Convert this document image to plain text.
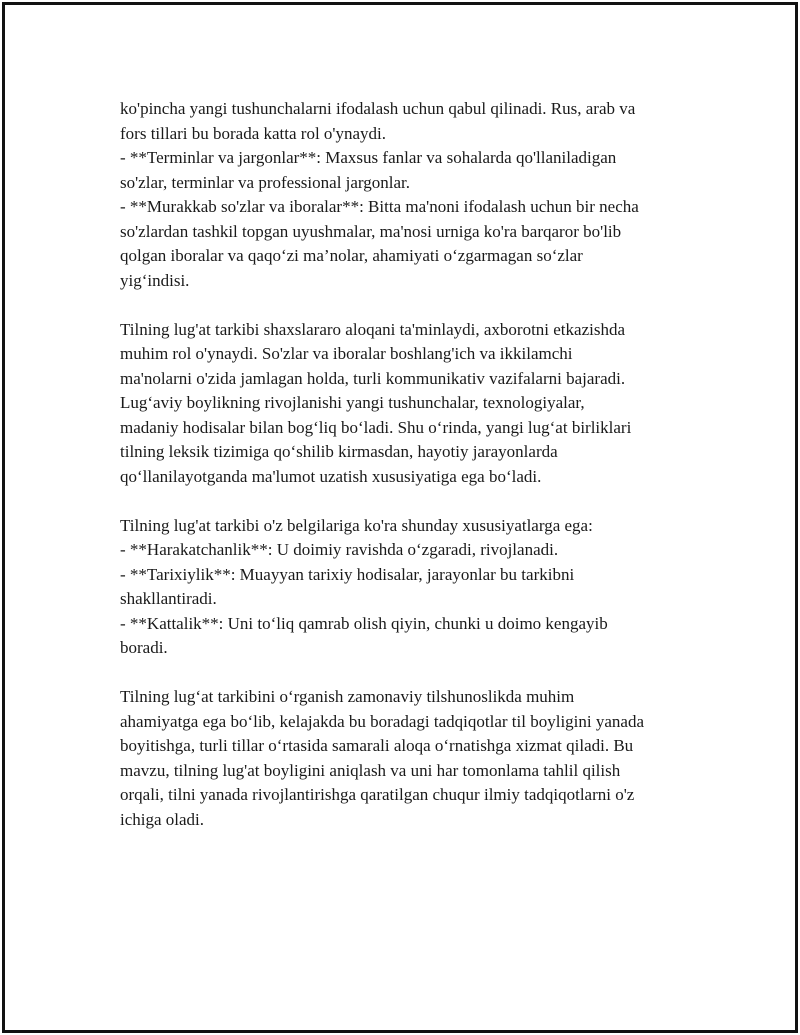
ko'pincha yangi tushunchalarni ifodalash uchun qabul qilinadi. Rus, arab va
fors tillari bu borada katta rol o'ynaydi.
- **Terminlar va jargonlar**: Maxsus fanlar va sohalarda qo'llaniladigan
so'zlar, terminlar va professional jargonlar.
- **Murakkab so'zlar va iboralar**: Bitta ma'noni ifodalash uchun bir necha
so'zlardan tashkil topgan uyushmalar, ma'nosi urniga ko'ra barqaror bo'lib
qolgan iboralar va qaqo‘zi ma’nolar, ahamiyati o‘zgarmagan so‘zlar
yig‘indisi.

Tilning lug'at tarkibi shaxslararo aloqani ta'minlaydi, axborotni etkazishda
muhim rol o'ynaydi. So'zlar va iboralar boshlang'ich va ikkilamchi
ma'nolarni o'zida jamlagan holda, turli kommunikativ vazifalarni bajaradi.
Lug‘aviy boylikning rivojlanishi yangi tushunchalar, texnologiyalar,
madaniy hodisalar bilan bog‘liq bo‘ladi. Shu o‘rinda, yangi lug‘at birliklari
tilning leksik tizimiga qo‘shilib kirmasdan, hayotiy jarayonlarda
qo‘llanilayotganda ma'lumot uzatish xususiyatiga ega bo‘ladi.

Tilning lug'at tarkibi o'z belgilariga ko'ra shunday xususiyatlarga ega:
- **Harakatchanlik**: U doimiy ravishda o‘zgaradi, rivojlanadi.
- **Tarixiylik**: Muayyan tarixiy hodisalar, jarayonlar bu tarkibni
shakllantiradi.
- **Kattalik**: Uni to‘liq qamrab olish qiyin, chunki u doimo kengayib
boradi.

Tilning lug‘at tarkibini o‘rganish zamonaviy tilshunoslikda muhim
ahamiyatga ega bo‘lib, kelajakda bu boradagi tadqiqotlar til boyligini yanada
boyitishga, turli tillar o‘rtasida samarali aloqa o‘rnatishga xizmat qiladi. Bu
mavzu, tilning lug'at boyligini aniqlash va uni har tomonlama tahlil qilish
orqali, tilni yanada rivojlantirishga qaratilgan chuqur ilmiy tadqiqotlarni o'z
ichiga oladi.
